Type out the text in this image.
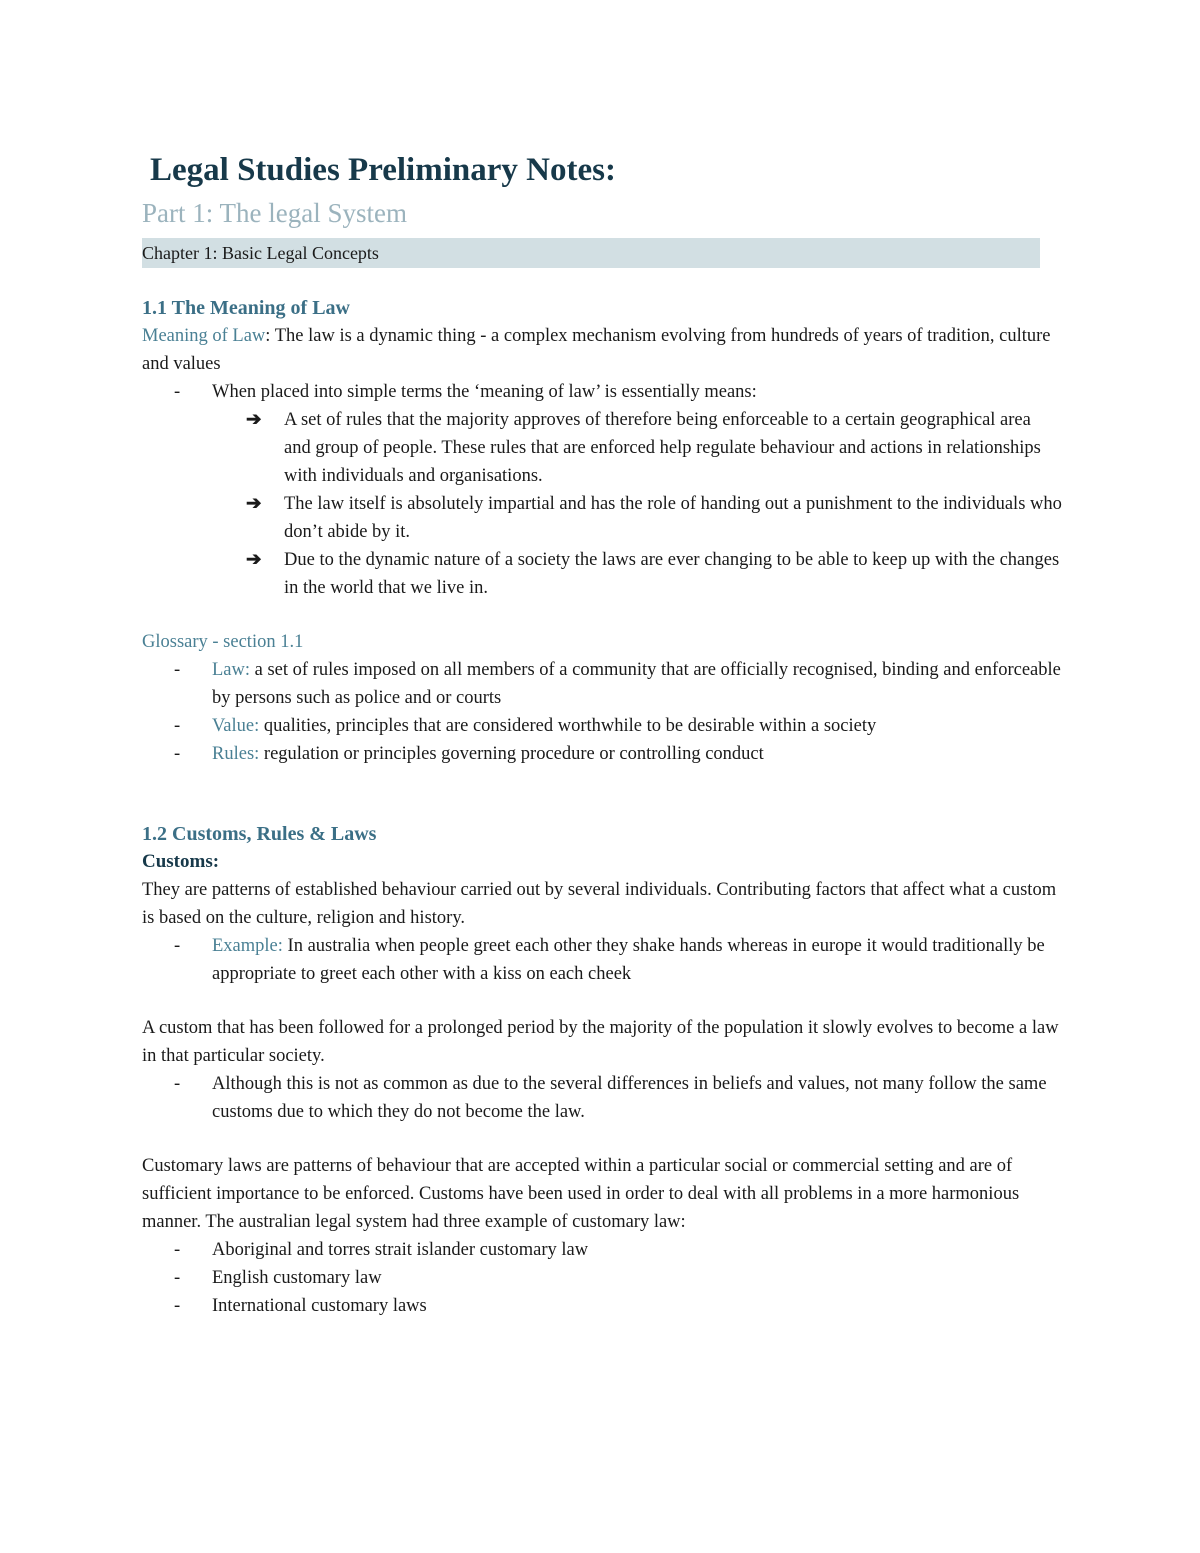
Legal Studies Preliminary Notes:
Part 1: The legal System
Chapter 1: Basic Legal Concepts
1.1 The Meaning of Law

Meaning of Law: The law is a dynamic thing - a complex mechanism evolving from hundreds of years of tradition, culture and values

- When placed into simple terms the ‘meaning of law’ is essentially means:
➔ A set of rules that the majority approves of therefore being enforceable to a certain geographical area and group of people. These rules that are enforced help regulate behaviour and actions in relationships with individuals and organisations.
➔ The law itself is absolutely impartial and has the role of handing out a punishment to the individuals who don’t abide by it.
➔ Due to the dynamic nature of a society the laws are ever changing to be able to keep up with the changes in the world that we live in.

Glossary - section 1.1

- Law: a set of rules imposed on all members of a community that are officially recognised, binding and enforceable by persons such as police and or courts
- Value: qualities, principles that are considered worthwhile to be desirable within a society
- Rules: regulation or principles governing procedure or controlling conduct
1.2 Customs, Rules & Laws
Customs:

They are patterns of established behaviour carried out by several individuals. Contributing factors that affect what a custom is based on the culture, religion and history.

- Example: In australia when people greet each other they shake hands whereas in europe it would traditionally be appropriate to greet each other with a kiss on each cheek

A custom that has been followed for a prolonged period by the majority of the population it slowly evolves to become a law in that particular society.

- Although this is not as common as due to the several differences in beliefs and values, not many follow the same customs due to which they do not become the law.

Customary laws are patterns of behaviour that are accepted within a particular social or commercial setting and are of sufficient importance to be enforced. Customs have been used in order to deal with all problems in a more harmonious manner. The australian legal system had three example of customary law:

- Aboriginal and torres strait islander customary law
- English customary law
- International customary laws
